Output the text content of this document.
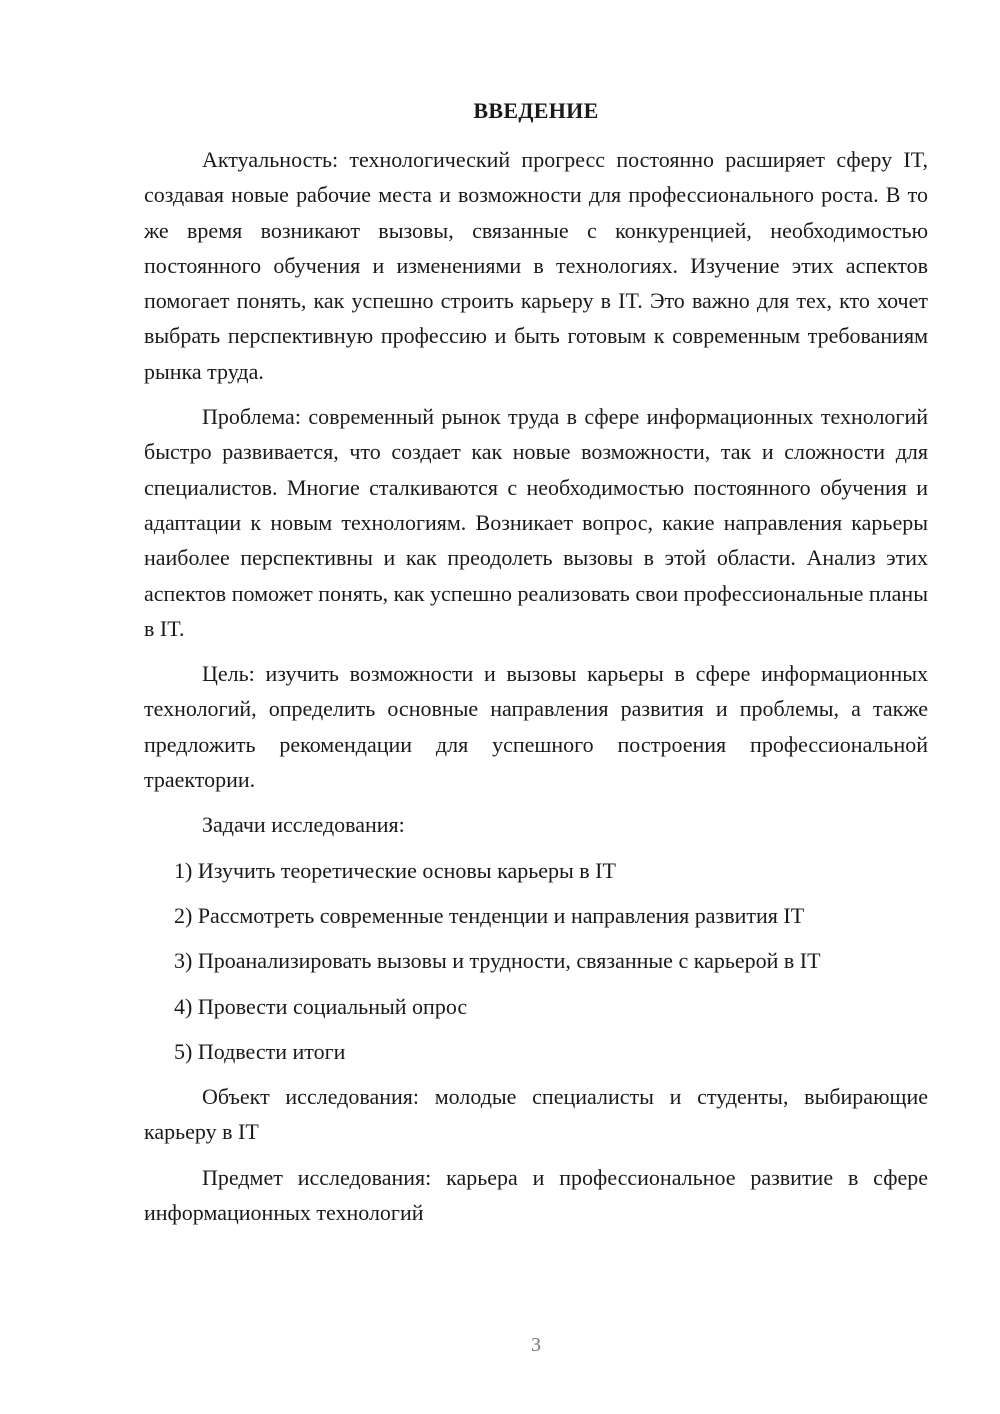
ВВЕДЕНИЕ

Актуальность: технологический прогресс постоянно расширяет сферу IT, создавая новые рабочие места и возможности для профессионального роста. В то же время возникают вызовы, связанные с конкуренцией, необходимостью постоянного обучения и изменениями в технологиях. Изучение этих аспектов помогает понять, как успешно строить карьеру в IT. Это важно для тех, кто хочет выбрать перспективную профессию и быть готовым к современным требованиям рынка труда.

Проблема: современный рынок труда в сфере информационных технологий быстро развивается, что создает как новые возможности, так и сложности для специалистов. Многие сталкиваются с необходимостью постоянного обучения и адаптации к новым технологиям. Возникает вопрос, какие направления карьеры наиболее перспективны и как преодолеть вызовы в этой области. Анализ этих аспектов поможет понять, как успешно реализовать свои профессиональные планы в IT.

Цель: изучить возможности и вызовы карьеры в сфере информационных технологий, определить основные направления развития и проблемы, а также предложить рекомендации для успешного построения профессиональной траектории.

Задачи исследования:

1) Изучить теоретические основы карьеры в IT

2) Рассмотреть современные тенденции и направления развития IT

3) Проанализировать вызовы и трудности, связанные с карьерой в IT

4) Провести социальный опрос

5) Подвести итоги

Объект исследования: молодые специалисты и студенты, выбирающие карьеру в IT

Предмет исследования: карьера и профессиональное развитие в сфере информационных технологий

3
